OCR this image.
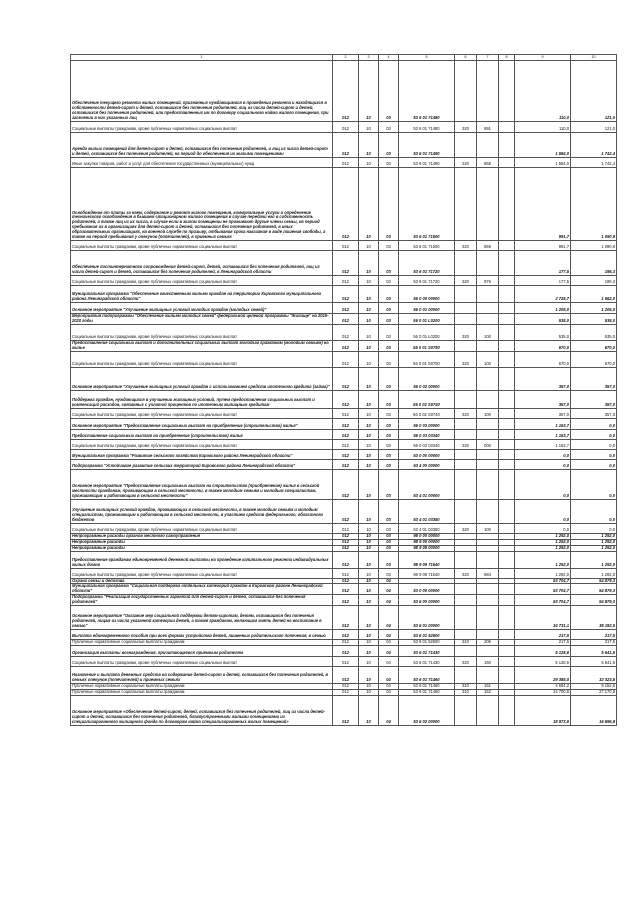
1	2	3	4	5	6	7	8	9	10
Обеспечение текущего ремонта жилых помещений, признанных нуждающимися в проведении ремонта и находящихся в собственности детей-сирот и детей, оставшихся без попечения родителей, лиц из числа детей-сирот и детей, оставшихся без попечения родителей, или предоставленных им по договору социального найма жилого помещения, при заселении в них указанных лиц	012	10	03	53 6 01 71480				110,0	121,0
Социальные выплаты гражданам, кроме публичных нормативных социальных выплат	012	10	03	53 6 01 71480	320	891		110,0	121,0
Аренда жилых помещений для детей-сирот и детей, оставшихся без попечения родителей, и лиц из числа детей-сирот и детей, оставшихся без попечения родителей, на период до обеспечения их жилыми помещениями	012	10	03	53 6 01 71490				1 584,0	1 742,4
Иные закупки товаров, работ и услуг для обеспечения государственных (муниципальных) нужд	012	10	03	53 6 01 71490	240	868		1 584,0	1 742,4
Освобождение от платы за наем, содержание и ремонт жилого помещения, коммунальные услуги и определение технического освобождения в бывшем стационарном жилого помещения в случае передачи его в собственность родителей, а также лиц из их числа, в случае если в жилом помещении не проживают другие члены семьи, на период пребывания их в организациях для детей-сирот и детей, оставшихся без попечения родителей, в иных образовательных организациях, на военной службе по призыву, отбывания срока наказания в виде лишения свободы, а также на период пребывания у опекунов (попечителей), в приемных семьях	012	10	03	53 6 01 71500				991,7	1 090,9
Социальные выплаты гражданам, кроме публичных нормативных социальных выплат	012	10	03	53 6 01 71500	320	869		991,7	1 090,9
Обеспечение постинтернатного сопровождения детей-сирот, детей, оставшихся без попечения родителей, лиц из числа детей-сирот и детей, оставшихся без попечения родителей, в Ленинградской области	012	10	03	53 6 01 71720				177,5	195,3
Социальные выплаты гражданам, кроме публичных нормативных социальных выплат	012	10	03	53 6 01 71720	320	876		177,5	195,3
Муниципальная программа "Обеспечение качественным жильем граждан на территории Кировского муниципального района Ленинградской области"	012	10	03	56 0 00 00000				2 725,7	1 562,0
Основное мероприятие "Улучшение жилищных условий молодых граждан (молодых семей)"	012	10	03	56 0 01 00000				1 205,0	1 205,0
Мероприятия подпрограммы "Обеспечение жильем молодых семей" федеральной целевой программы "Жилище" на 2015-2020 годы	012	10	03	56 0 01 L0200				535,0	535,0
Социальные выплаты гражданам, кроме публичных нормативных социальных выплат	012	10	03	56 0 01 L0200	320	100		535,0	535,0
Предоставление социальных выплат и дополнительных социальных выплат молодым гражданам (молодым семьям) на жилье	012	10	03	56 0 01 S0750				670,0	670,0
Социальные выплаты гражданам, кроме публичных нормативных социальных выплат	012	10	03	56 0 01 S0750	320	100		670,0	670,0
Основное мероприятие "Улучшение жилищных условий граждан с использованием средств ипотечного кредита (займа)"	012	10	03	56 0 02 00000				357,0	357,0
Поддержка граждан, нуждающихся в улучшении жилищных условий, путем предоставления социальных выплат и компенсаций расходов, связанных с уплатой процентов по ипотечным жилищным кредитам	012	10	03	56 0 02 S0740				357,0	357,0
Социальные выплаты гражданам, кроме публичных нормативных социальных выплат	012	10	03	56 0 02 S0740	320	100		357,0	357,0
Основное мероприятие "Предоставление социальных выплат на приобретение (строительство) жилья"	012	10	03	56 0 03 00000				1 163,7	0,0
Предоставление социальных выплат на приобретение (строительство) жилья	012	10	03	56 0 03 03340				1 163,7	0,0
Социальные выплаты гражданам, кроме публичных нормативных социальных выплат	012	10	03	56 0 03 03340	320	000		1 163,7	0,0
Муниципальная программа "Развитие сельского хозяйства Кировского района Ленинградской области"	012	10	03	63 0 00 00000				0,0	0,0
Подпрограмма "Устойчивое развитие сельских территорий Кировского района Ленинградской области"	012	10	03	63 4 00 00000				0,0	0,0
Основное мероприятие "Предоставление социальных выплат на строительство (приобретение) жилья в сельской местности гражданам, проживающим в сельской местности, в также молодым семьям и молодым специалистам, проживающим и работающим в сельской местности"	012	10	03	63 4 01 00000				0,0	0,0
Улучшение жилищных условий граждан, проживающих в сельской местности, в также молодым семьям и молодым специалистам, проживающим и работающим в сельской местности, в участием средств федерального, областного бюджетов	012	10	03	63 4 01 03350				0,0	0,0
Социальные выплаты гражданам, кроме публичных нормативных социальных выплат	012	10	03	63 4 01 03350	320	100		0,0	0,0
Непрограммные расходы органов местного самоуправления	012	10	03	98 0 00 00000				1 292,0	1 292,0
Непрограммные расходы	012	10	03	98 9 00 00000				1 292,0	1 292,0
Непрограммные расходы	012	10	03	98 9 09 00000				1 292,0	1 292,0
Предоставление гражданам единовременной денежной выплаты на проведение капитального ремонта индивидуальных жилых домов	012	10	03	98 9 09 71640				1 292,0	1 292,0
Социальные выплаты гражданам, кроме публичных нормативных социальных выплат	012	10	03	98 9 09 71640	320	884		1 292,0	1 292,0
Охрана семьи и детства	012	10	04					53 704,7	54 879,3
Муниципальная программа "Социальная поддержка отдельных категорий граждан в Кировском районе Ленинградской области"	012	10	04	53 0 00 00000				53 704,7	54 879,3
Подпрограмма "Реализация государственных гарантий для детей-сирот и детей, оставшихся без попечения родителей"	012	10	04	53 6 00 00000				53 704,7	54 879,3
Основное мероприятие "Оказание мер социальной поддержки детям-сиротам, детям, оставшимся без попечения родителей, лицам из числа указанной категории детей, а также гражданам, желающим взять детей на воспитание в семью"	012	10	04	53 6 01 00000				34 731,1	38 182,5
Выплата единовременного пособия при всех формах устройства детей, лишенных родительского попечения, в семью	012	10	04	53 6 01 52600				217,5	217,5
Публичные нормативные социальные выплаты гражданам	012	10	04	53 6 01 52600	310	206		217,5	217,5
Организация выплаты вознаграждения, причитающегося приемным родителям	012	10	04	53 6 01 71430				5 128,6	5 641,5
Социальные выплаты гражданам, кроме публичных нормативных социальных выплат	012	10	04	53 6 01 71430	320	160		5 128,6	5 641,5
Назначение и выплата денежных средств на содержание детей-сирот и детей, оставшихся без попечения родителей, в семьях опекунов (попечителей) и приемных семьях	012	10	04	53 6 01 71460				29 385,0	32 323,5
Публичные нормативные социальные выплаты гражданам	012	10	04	53 6 01 71460	310	161		4 684,2	5 152,6
Публичные нормативные социальные выплаты гражданам	012	10	04	53 6 01 71460	310	162		24 700,8	27 170,9
Основное мероприятие «Обеспечение детей-сирот, детей, оставшихся без попечения родителей, лиц из числа детей-сирот и детей, оставшихся без попечения родителей, благоустроенными жилыми помещениями из специализированного жилищного фонда по договорам найма специализированных жилых помещений»	012	10	04	53 6 02 00000				18 973,6	16 696,8
